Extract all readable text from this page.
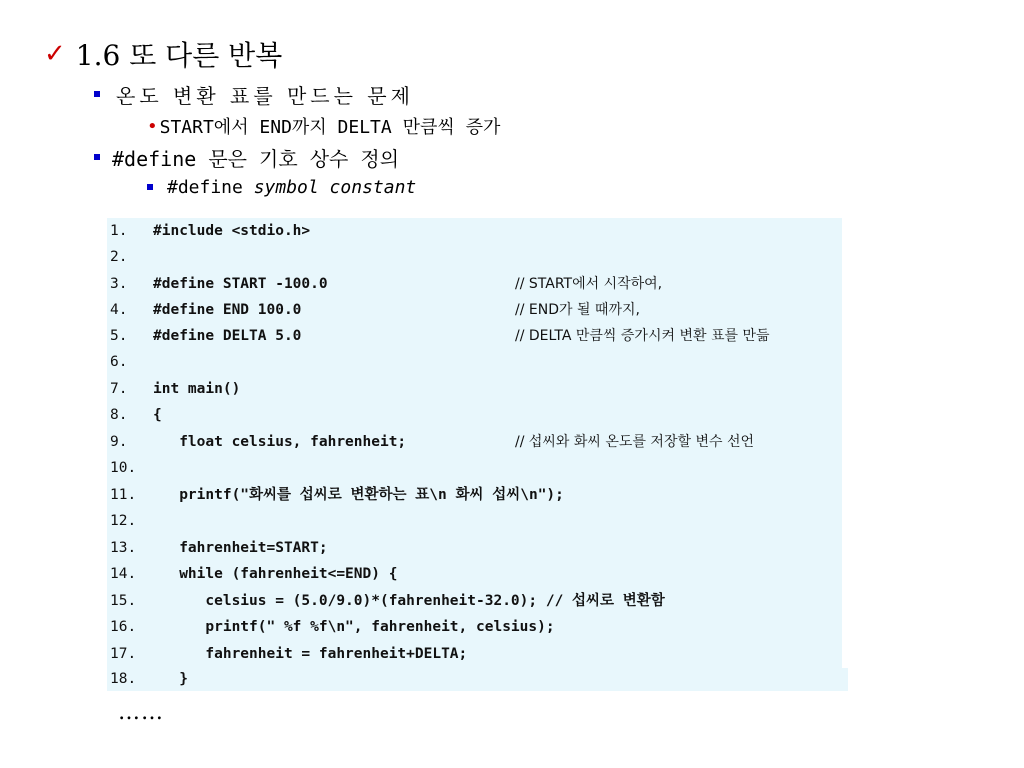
✓ 1.6 또 다른 반복
온도 변환 표를 만드는 문제
• START에서 END까지 DELTA 만큼씩 증가
#define 문은 기호 상수 정의
#define symbol constant
1. #include <stdio.h>
2.
3. #define START -100.0	// START에서 시작하여,
4. #define END 100.0	// END가 될 때까지,
5. #define DELTA 5.0	// DELTA 만큼씩 증가시켜 변환 표를 만듦
6.
7. int main()
8. {
9. float celsius, fahrenheit;	// 섭씨와 화씨 온도를 저장할 변수 선언
10.
11. printf("화씨를 섭씨로 변환하는 표\n 화씨 섭씨\n");
12.
13. fahrenheit=START;
14. while (fahrenheit<=END) {
15. celsius = (5.0/9.0)*(fahrenheit-32.0); // 섭씨로 변환함
16. printf(" %f %f\n", fahrenheit, celsius);
17. fahrenheit = fahrenheit+DELTA;
18. }
……
